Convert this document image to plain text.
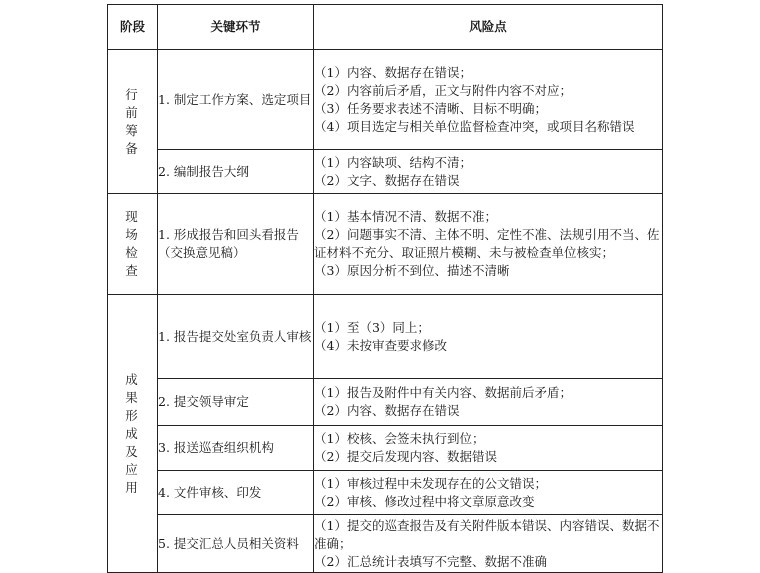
阶段	关键环节	风险点
行前筹备	1. 制定工作方案、选定项目	（1）内容、数据存在错误；
（2）内容前后矛盾，正文与附件内容不对应；
（3）任务要求表述不清晰、目标不明确；
（4）项目选定与相关单位监督检查冲突，或项目名称错误

	2. 编制报告大纲	（1）内容缺项、结构不清；
（2）文字、数据存在错误

现场检查	1. 形成报告和回头看报告（交换意见稿）	（1）基本情况不清、数据不准；
（2）问题事实不清、主体不明、定性不准、法规引用不当、佐证材料不充分、取证照片模糊、未与被检查单位核实；
（3）原因分析不到位、描述不清晰

成果形成及应用	1. 报告提交处室负责人审核	（1）至（3）同上；
（4）未按审查要求修改

	2. 提交领导审定	（1）报告及附件中有关内容、数据前后矛盾；
（2）内容、数据存在错误

	3. 报送巡查组织机构	（1）校核、会签未执行到位；
（2）提交后发现内容、数据错误

	4. 文件审核、印发	（1）审核过程中未发现存在的公文错误；
（2）审核、修改过程中将文章原意改变

	5. 提交汇总人员相关资料	（1）提交的巡查报告及有关附件版本错误、内容错误、数据不准确；
（2）汇总统计表填写不完整、数据不准确
